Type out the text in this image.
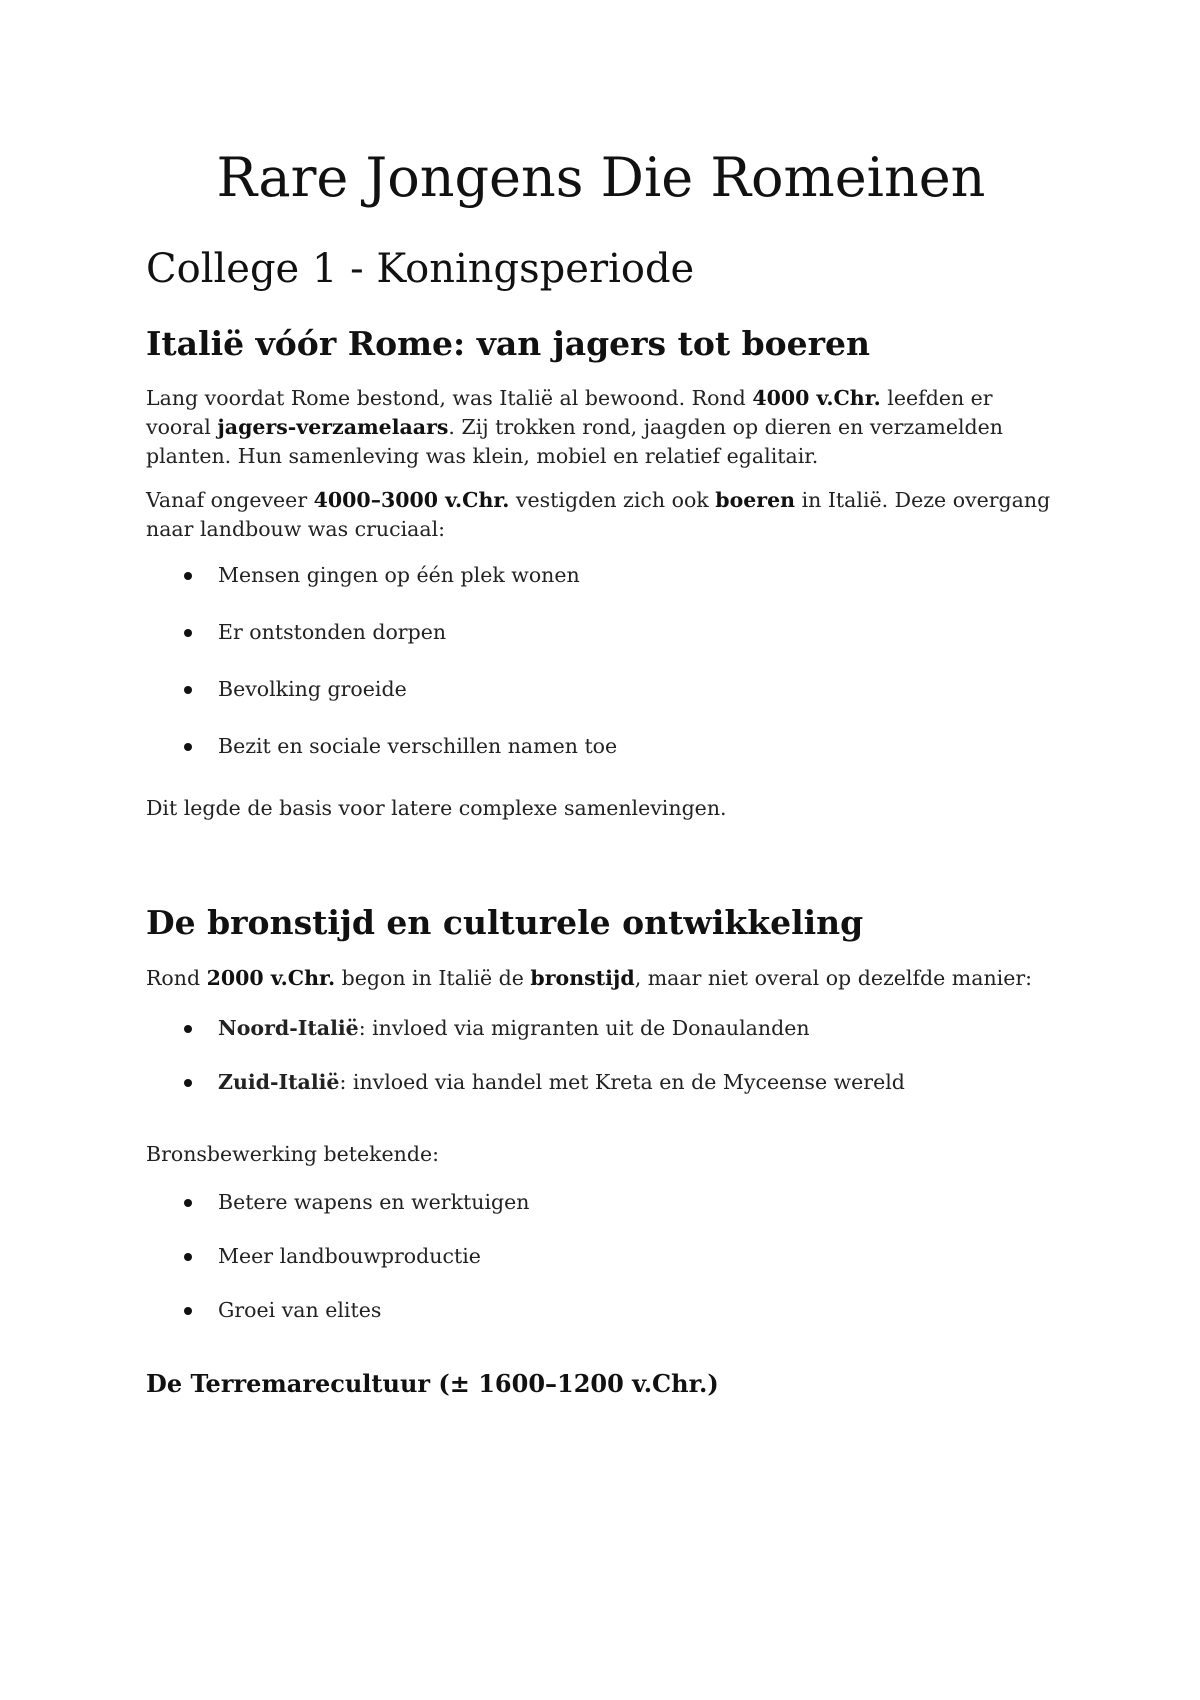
Rare Jongens Die Romeinen
College 1 - Koningsperiode
Italië vóór Rome: van jagers tot boeren

Lang voordat Rome bestond, was Italië al bewoond. Rond 4000 v.Chr. leefden er vooral jagers-verzamelaars. Zij trokken rond, jaagden op dieren en verzamelden planten. Hun samenleving was klein, mobiel en relatief egalitair.

Vanaf ongeveer 4000–3000 v.Chr. vestigden zich ook boeren in Italië. Deze overgang naar landbouw was cruciaal:

Mensen gingen op één plek wonen
Er ontstonden dorpen
Bevolking groeide
Bezit en sociale verschillen namen toe

Dit legde de basis voor latere complexe samenlevingen.

De bronstijd en culturele ontwikkeling

Rond 2000 v.Chr. begon in Italië de bronstijd, maar niet overal op dezelfde manier:

Noord-Italië: invloed via migranten uit de Donaulanden
Zuid-Italië: invloed via handel met Kreta en de Myceense wereld

Bronsbewerking betekende:

Betere wapens en werktuigen
Meer landbouwproductie
Groei van elites
De Terremarecultuur (± 1600–1200 v.Chr.)
